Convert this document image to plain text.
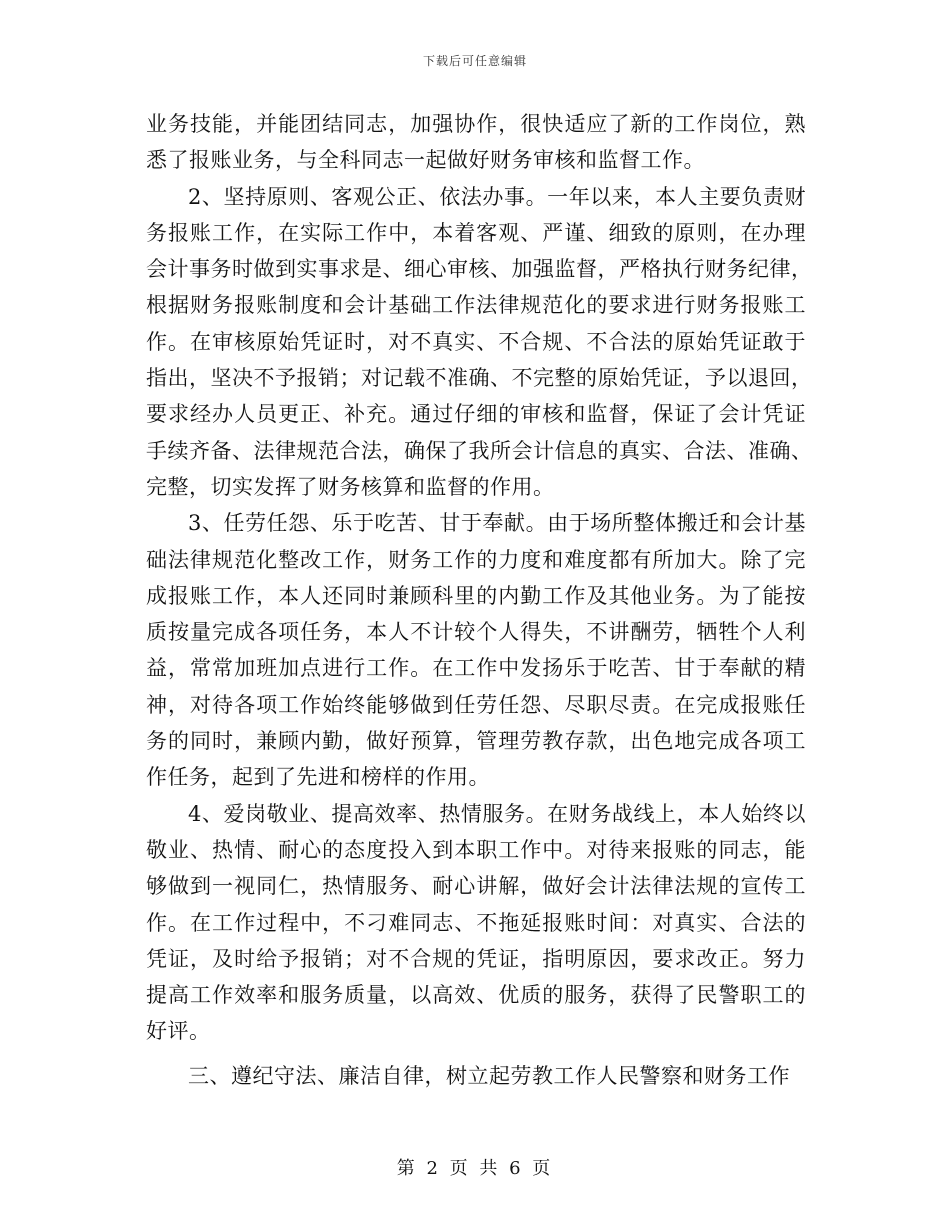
下载后可任意编辑
业务技能，并能团结同志，加强协作，很快适应了新的工作岗位，熟
悉了报账业务，与全科同志一起做好财务审核和监督工作。
2、坚持原则、客观公正、依法办事。一年以来，本人主要负责财
务报账工作，在实际工作中，本着客观、严谨、细致的原则，在办理
会计事务时做到实事求是、细心审核、加强监督，严格执行财务纪律，
根据财务报账制度和会计基础工作法律规范化的要求进行财务报账工
作。在审核原始凭证时，对不真实、不合规、不合法的原始凭证敢于
指出，坚决不予报销；对记载不准确、不完整的原始凭证，予以退回，
要求经办人员更正、补充。通过仔细的审核和监督，保证了会计凭证
手续齐备、法律规范合法，确保了我所会计信息的真实、合法、准确、
完整，切实发挥了财务核算和监督的作用。
3、任劳任怨、乐于吃苦、甘于奉献。由于场所整体搬迁和会计基
础法律规范化整改工作，财务工作的力度和难度都有所加大。除了完
成报账工作，本人还同时兼顾科里的内勤工作及其他业务。为了能按
质按量完成各项任务，本人不计较个人得失，不讲酬劳，牺牲个人利
益，常常加班加点进行工作。在工作中发扬乐于吃苦、甘于奉献的精
神，对待各项工作始终能够做到任劳任怨、尽职尽责。在完成报账任
务的同时，兼顾内勤，做好预算，管理劳教存款，出色地完成各项工
作任务，起到了先进和榜样的作用。
4、爱岗敬业、提高效率、热情服务。在财务战线上，本人始终以
敬业、热情、耐心的态度投入到本职工作中。对待来报账的同志，能
够做到一视同仁，热情服务、耐心讲解，做好会计法律法规的宣传工
作。在工作过程中，不刁难同志、不拖延报账时间：对真实、合法的
凭证，及时给予报销；对不合规的凭证，指明原因，要求改正。努力
提高工作效率和服务质量，以高效、优质的服务，获得了民警职工的
好评。
三、遵纪守法、廉洁自律，树立起劳教工作人民警察和财务工作
第 2 页 共 6 页
